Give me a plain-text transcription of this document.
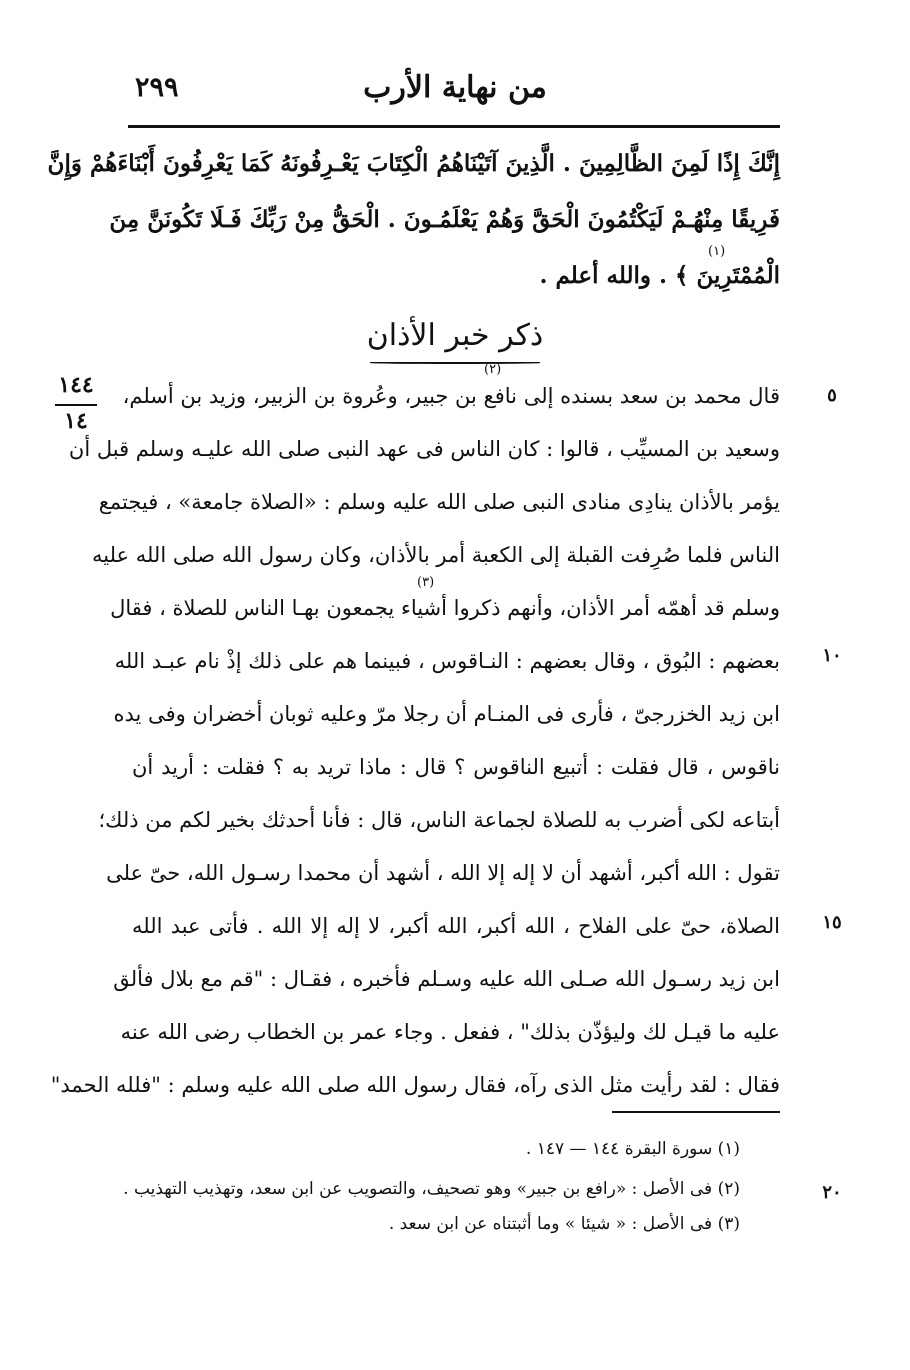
من نهاية الأرب
٢٩٩
إِنَّكَ إِذًا لَمِنَ الظَّالِمِينَ . الَّذِينَ آتَيْنَاهُمُ الْكِتَابَ يَعْـرِفُونَهُ كَمَا يَعْرِفُونَ أَبْنَاءَهُمْ وَإِنَّ
فَرِيقًا مِنْهُـمْ لَيَكْتُمُونَ الْحَقَّ وَهُمْ يَعْلَمُـونَ . الْحَقُّ مِنْ رَبِّكَ فَـلَا تَكُونَنَّ مِنَ
(١)
الْمُمْتَرِينَ ﴾ . والله أعلم .
ذكر خبر الأذان
١٤٤
١٤
(٢)
(٣)
قال محمد بن سعد بسنده إلى نافع بن جبير، وعُروة بن الزبير، وزيد بن أسلم،
وسعيد بن المسيِّب ، قالوا : كان الناس فى عهد النبى صلى الله عليـه وسلم قبل أن
يؤمر بالأذان ينادِى منادى النبى صلى الله عليه وسلم : «الصلاة جامعة» ، فيجتمع
الناس فلما صُرِفت القبلة إلى الكعبة أمر بالأذان، وكان رسول الله صلى الله عليه
وسلم قد أهمّه أمر الأذان، وأنهم ذكروا أشياء يجمعون بهـا الناس للصلاة ، فقال
بعضهم : البُوق ، وقال بعضهم : النـاقوس ، فبينما هم على ذلك إذْ نام عبـد الله
ابن زيد الخزرجىّ ، فأرى فى المنـام أن رجلا مرّ وعليه ثوبان أخضران وفى يده
ناقوس ، قال فقلت : أتبيع الناقوس ؟ قال : ماذا تريد به ؟ فقلت : أريد أن
أبتاعه لكى أضرب به للصلاة لجماعة الناس، قال : فأنا أحدثك بخير لكم من ذلك؛
تقول : الله أكبر، أشهد أن لا إله إلا الله ، أشهد أن محمدا رسـول الله، حىّ على
الصلاة، حىّ على الفلاح ، الله أكبر، الله أكبر، لا إله إلا الله . فأتى عبد الله
ابن زيد رسـول الله صـلى الله عليه وسـلم فأخبره ، فقـال : "قم مع بلال فألق
عليه ما قيـل لك وليؤذّن بذلك" ، ففعل . وجاء عمر بن الخطاب رضى الله عنه
فقال : لقد رأيت مثل الذى رآه، فقال رسول الله صلى الله عليه وسلم : "فلله الحمد"
٥
١٠
١٥
٢٠
(١) سورة البقرة ١٤٤ — ١٤٧ .
(٢) فى الأصل : «رافع بن جبير» وهو تصحيف، والتصويب عن ابن سعد، وتهذيب التهذيب .
(٣) فى الأصل : « شيئا » وما أثبتناه عن ابن سعد .
